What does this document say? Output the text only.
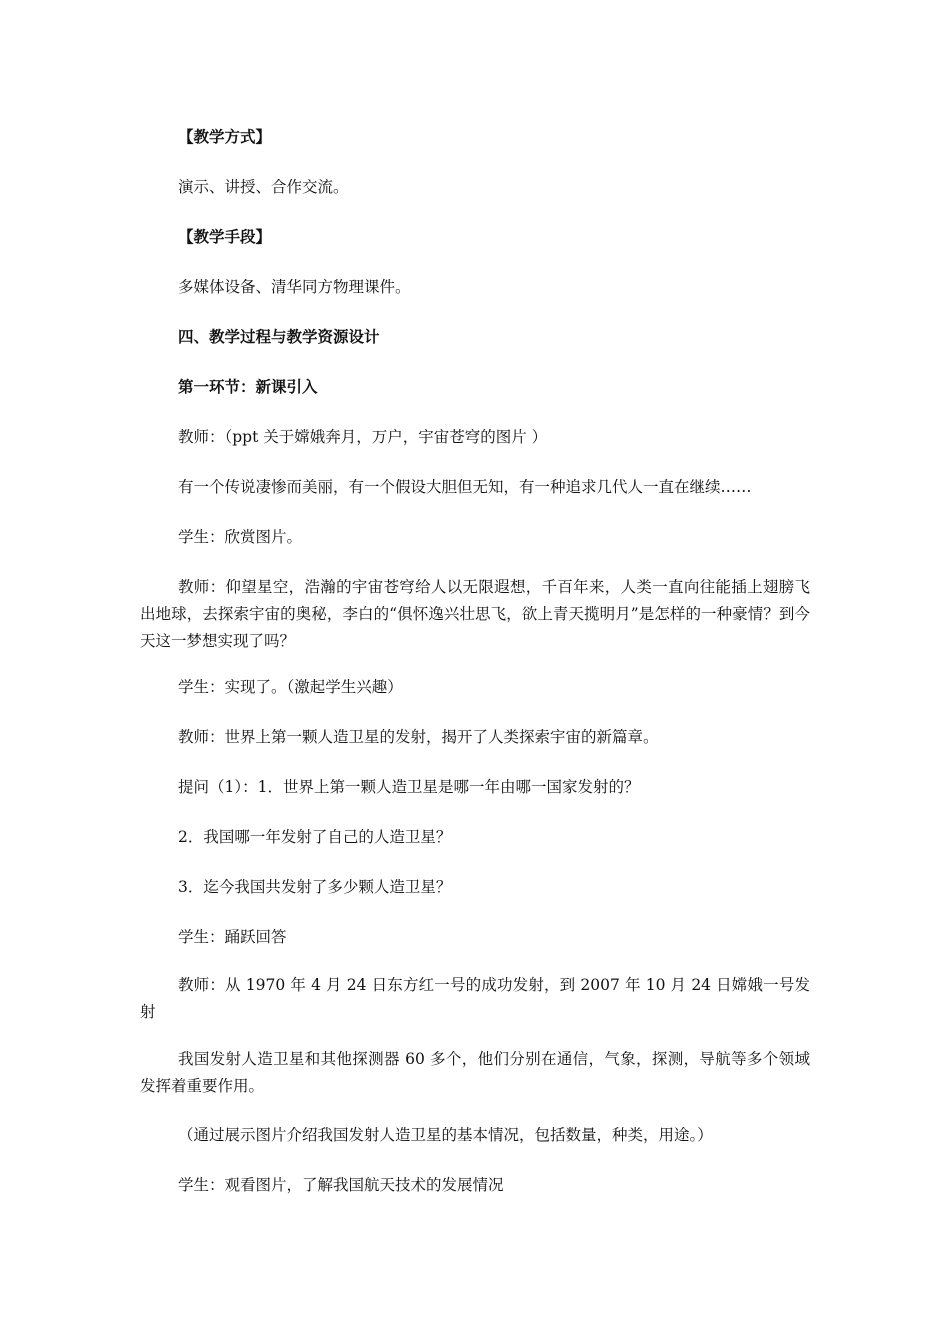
【教学方式】
演示、讲授、合作交流。
【教学手段】
多媒体设备、清华同方物理课件。
四、教学过程与教学资源设计
第一环节：新课引入
教师：（ppt 关于嫦娥奔月，万户，宇宙苍穹的图片 ）
有一个传说凄惨而美丽，有一个假设大胆但无知，有一种追求几代人一直在继续……
学生：欣赏图片。
教师：仰望星空，浩瀚的宇宙苍穹给人以无限遐想，千百年来，人类一直向往能插上翅膀飞出地球，去探索宇宙的奥秘，李白的“俱怀逸兴壮思飞，欲上青天揽明月”是怎样的一种豪情？到今天这一梦想实现了吗？
学生：实现了。（激起学生兴趣）
教师：世界上第一颗人造卫星的发射，揭开了人类探索宇宙的新篇章。
提问（1）：1．世界上第一颗人造卫星是哪一年由哪一国家发射的？
2．我国哪一年发射了自己的人造卫星？
3．迄今我国共发射了多少颗人造卫星？
学生：踊跃回答
教师：从 1970 年 4 月 24 日东方红一号的成功发射，到 2007 年 10 月 24 日嫦娥一号发射
我国发射人造卫星和其他探测器 60 多个，他们分别在通信，气象，探测，导航等多个领域发挥着重要作用。
（通过展示图片介绍我国发射人造卫星的基本情况，包括数量，种类，用途。）
学生：观看图片，了解我国航天技术的发展情况
